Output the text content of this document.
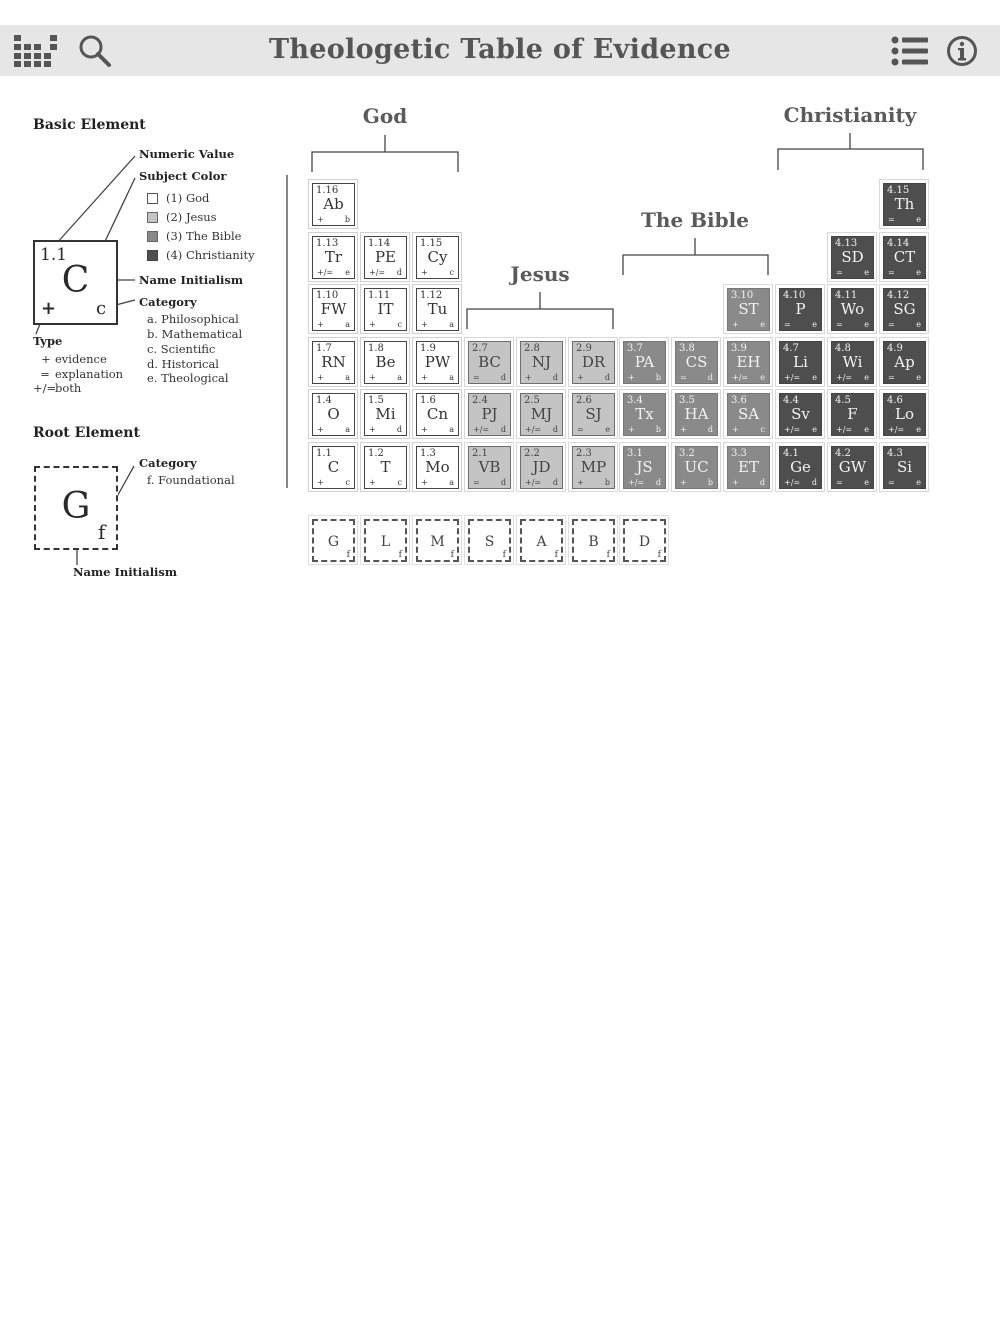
Theologetic Table of Evidence
God
Jesus
The Bible
Christianity
Basic Element
Numeric Value
Subject Color
(1) God
(2) Jesus
(3) The Bible
(4) Christianity
Name Initialism
Category
a. Philosophical
b. Mathematical
c. Scientific
d. Historical
e. Theological
1.1
C
+ c
Type
+ evidence
= explanation
+/=
both
Root Element
G
f
Category
f. Foundational
Name Initialism
1.16
Ab
+	b
1.13
Tr
+/= e
1.14
PE
+/= d
1.15
Cy
+	c
1.10
FW
+	a
1.11
IT
+	c
1.12
Tu
+	a
1.7
RN
+	a
1.8
Be
+	a
1.9
PW
+	a
1.4
O
+	a
1.5
Mi
+	d
1.6
Cn
+	a
1.1
C
+	c
1.2
T
+	c
1.3
Mo
+	a
2.7
BC
=	d
2.8
NJ
+	d
2.9
DR
+	d
2.4
PJ
+/= d
2.5
MJ
+/= d
2.6
SJ
=	e
2.1
VB
=	d
2.2
JD
+/= d
2.3
MP
+	b
3.10
ST
+	e
3.7
PA
+	b
3.8
CS
=	d
3.9
EH
+/= e
3.4
Tx
+	b
3.5
HA
+	d
3.6
SA
+	c
3.1
JS
+/= d
3.2
UC
+	b
3.3
ET
+	d
4.15
Th
=	e
4.13
SD
=	e
4.14
CT
=	e
4.10
P
=	e
4.11
Wo
=	e
4.12
SG
=	e
4.7
Li
+/= e
4.8
Wi
+/= e
4.9
Ap
=	e
4.4
Sv
+/= e
4.5
F
+/= e
4.6
Lo
+/= e
4.1
Ge
+/= d
4.2
GW
=	e
4.3
Si
=	e
G
f
L
f
M
f
S
f
A
f
B
f
D
f
